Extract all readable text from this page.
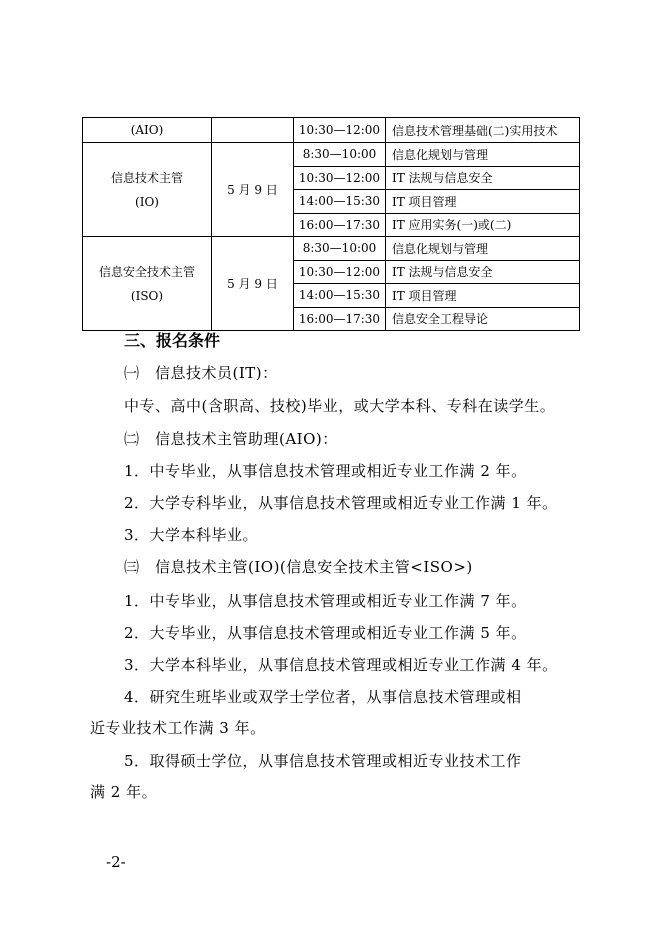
(AIO)		10:30—12:00	信息技术管理基础(二)实用技术

信息技术主管
(IO)	5 月 9 日	8:30—10:00	信息化规划与管理
		10:30—12:00	IT 法规与信息安全
		14:00—15:30	IT 项目管理
		16:00—17:30	IT 应用实务(一)或(二)

信息安全技术主管
(ISO)	5 月 9 日	8:30—10:00	信息化规划与管理
		10:30—12:00	IT 法规与信息安全
		14:00—15:30	IT 项目管理
		16:00—17:30	信息安全工程导论
三、报名条件
㈠　信息技术员(IT)：
中专、高中(含职高、技校)毕业，或大学本科、专科在读学生。
㈡　信息技术主管助理(AIO)：
1．中专毕业，从事信息技术管理或相近专业工作满 2 年。
2．大学专科毕业，从事信息技术管理或相近专业工作满 1 年。
3．大学本科毕业。
㈢　信息技术主管(IO)(信息安全技术主管<ISO>)
1．中专毕业，从事信息技术管理或相近专业工作满 7 年。
2．大专毕业，从事信息技术管理或相近专业工作满 5 年。
3．大学本科毕业，从事信息技术管理或相近专业工作满 4 年。
4．研究生班毕业或双学士学位者，从事信息技术管理或相
近专业技术工作满 3 年。
5．取得硕士学位，从事信息技术管理或相近专业技术工作
满 2 年。
-2-
